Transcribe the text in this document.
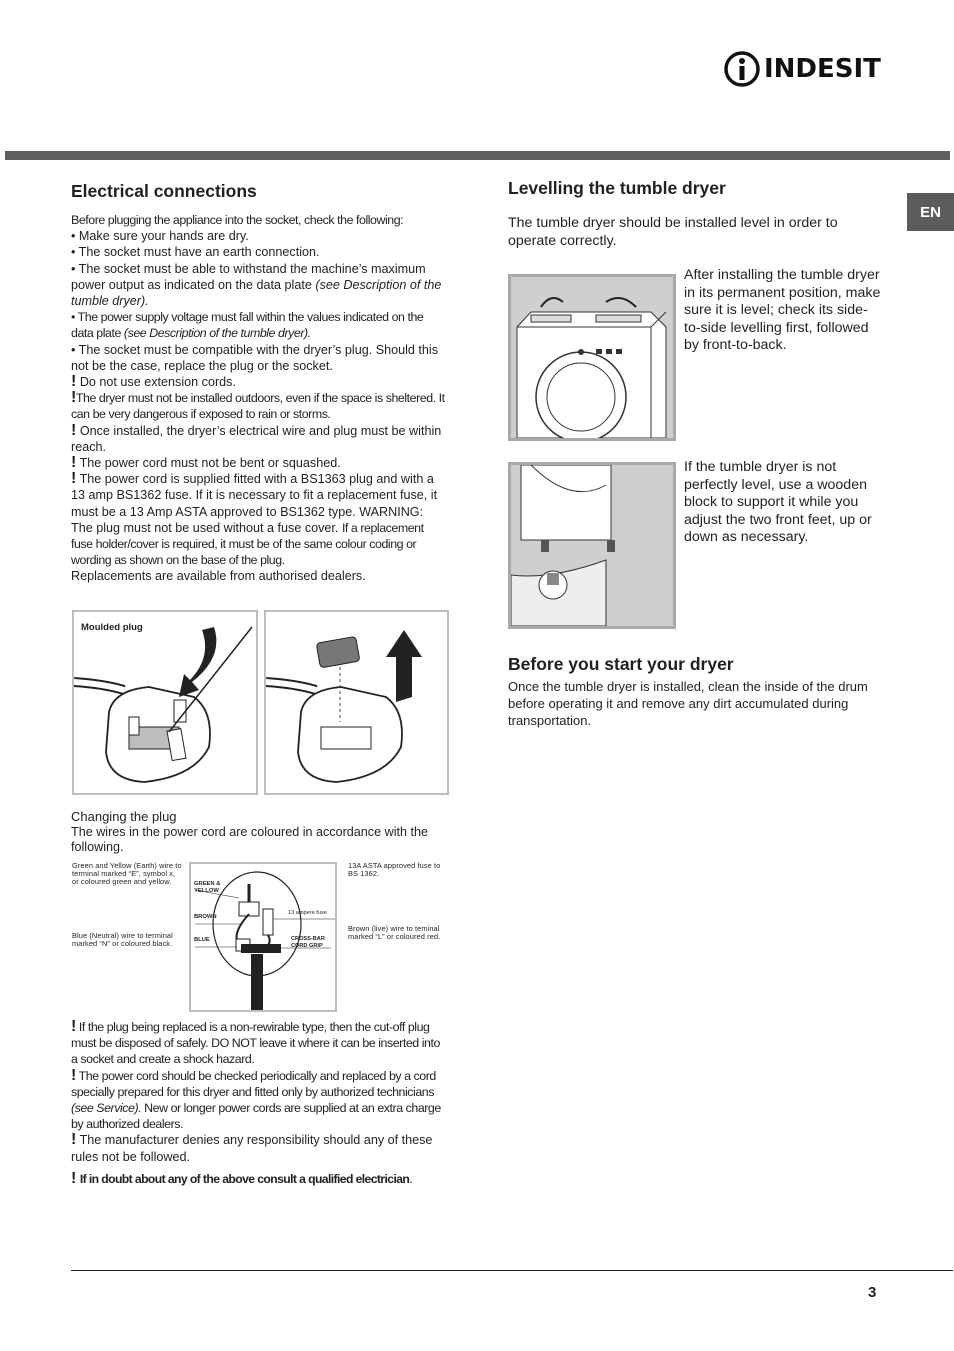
INDESIT
EN
Electrical connections

Before plugging the appliance into the socket, check the following:

• Make sure your hands are dry.

• The socket must have an earth connection.

• The socket must be able to withstand the machine’s maximum power output as indicated on the data plate (see Description of the tumble dryer).

• The power supply voltage must fall within the values indicated on the data plate (see Description of the tumble dryer).

• The socket must be compatible with the dryer’s plug. Should this not be the case, replace the plug or the socket.

! Do not use extension cords.

!The dryer must not be installed outdoors, even if the space is sheltered. It can be very dangerous if exposed to rain or storms.

! Once installed, the dryer’s electrical wire and plug must be within reach.

! The power cord must not be bent or squashed.

! The power cord is supplied fitted with a BS1363 plug and with a 13 amp BS1362 fuse. If it is necessary to fit a replacement fuse, it must be a 13 Amp ASTA approved to BS1362 type. WARNING: The plug must not be used without a fuse cover. If a replacement fuse holder/cover is required, it must be of the same colour coding or wording as shown on the base of the plug.

Replacements are available from authorised dealers.

Moulded plug
Changing the plug
The wires in the power cord are coloured in accordance with the following.
Green and Yellow (Earth) wire to terminal marked “E”, symbol x, or coloured green and yellow.
Blue (Neutral) wire to terminal marked “N” or coloured black.
13A ASTA approved fuse to BS 1362.
Brown (live) wire to teminal marked “L” or coloured red.
GREEN &
YELLOW
BROWN
BLUE
13 ampere fuse
CROSS-BAR
CORD GRIP

! If the plug being replaced is a non-rewirable type, then the cut-off plug must be disposed of safely. DO NOT leave it where it can be inserted into a socket and create a shock hazard.

! The power cord should be checked periodically and replaced by a cord specially prepared for this dryer and fitted only by authorized technicians (see Service). New or longer power cords are supplied at an extra charge by authorized dealers.

! The manufacturer denies any responsibility should any of these rules not be followed.

! If in doubt about any of the above consult a qualified electrician.

Levelling the tumble dryer
The tumble dryer should be installed level in order to operate correctly.
After installing the tumble dryer in its permanent position, make sure it is level; check its side-to-side levelling first, followed by front-to-back.
If the tumble dryer is not perfectly level, use a wooden block to support it while you adjust the two front feet, up or down as necessary.
Before you start your dryer
Once the tumble dryer is installed, clean the inside of the drum before operating it and remove any dirt accumulated during transportation.
3
